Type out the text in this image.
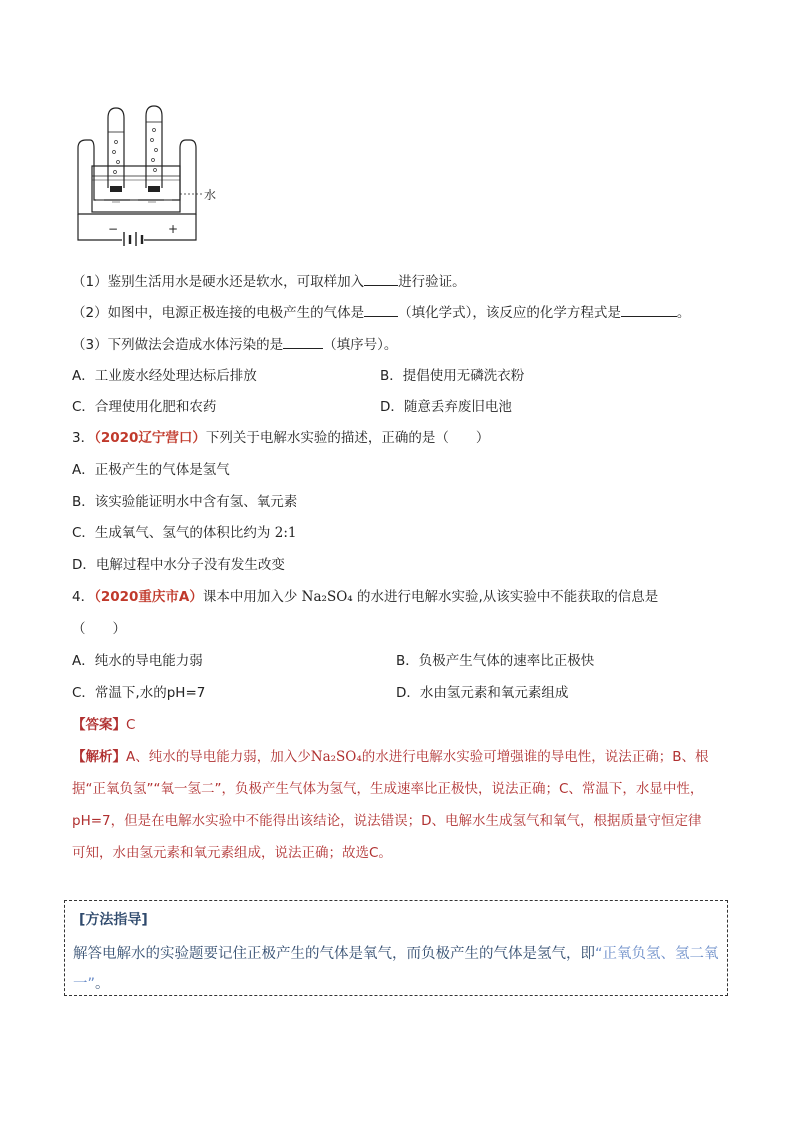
水
−	+
（1）鉴别生活用水是硬水还是软水，可取样加入	进行验证。
（2）如图中，电源正极连接的电极产生的气体是	（填化学式），该反应的化学方程式是	。
（3）下列做法会造成水体污染的是	（填序号）。
A．工业废水经处理达标后排放	B．提倡使用无磷洗衣粉
C．合理使用化肥和农药	D．随意丢弃废旧电池
3．（2020辽宁营口）下列关于电解水实验的描述，正确的是（　　）
A．正极产生的气体是氢气
B．该实验能证明水中含有氢、氧元素
C．生成氧气、氢气的体积比约为 2:1
D．电解过程中水分子没有发生改变
4．（2020重庆市A）课本中用加入少 Na₂SO₄ 的水进行电解水实验,从该实验中不能获取的信息是
（　　）
A．纯水的导电能力弱	B．负极产生气体的速率比正极快
C．常温下,水的pH=7	D．水由氢元素和氧元素组成
【答案】C
【解析】A、纯水的导电能力弱，加入少Na₂SO₄的水进行电解水实验可增强谁的导电性，说法正确；B、根
据“正氧负氢”“氧一氢二”，负极产生气体为氢气，生成速率比正极快，说法正确；C、常温下，水显中性，
pH=7，但是在电解水实验中不能得出该结论，说法错误；D、电解水生成氢气和氧气，根据质量守恒定律
可知，水由氢元素和氧元素组成，说法正确；故选C。
[方法指导]
解答电解水的实验题要记住正极产生的气体是氧气，而负极产生的气体是氢气，即“正氧负氢、氢二氧一”。
